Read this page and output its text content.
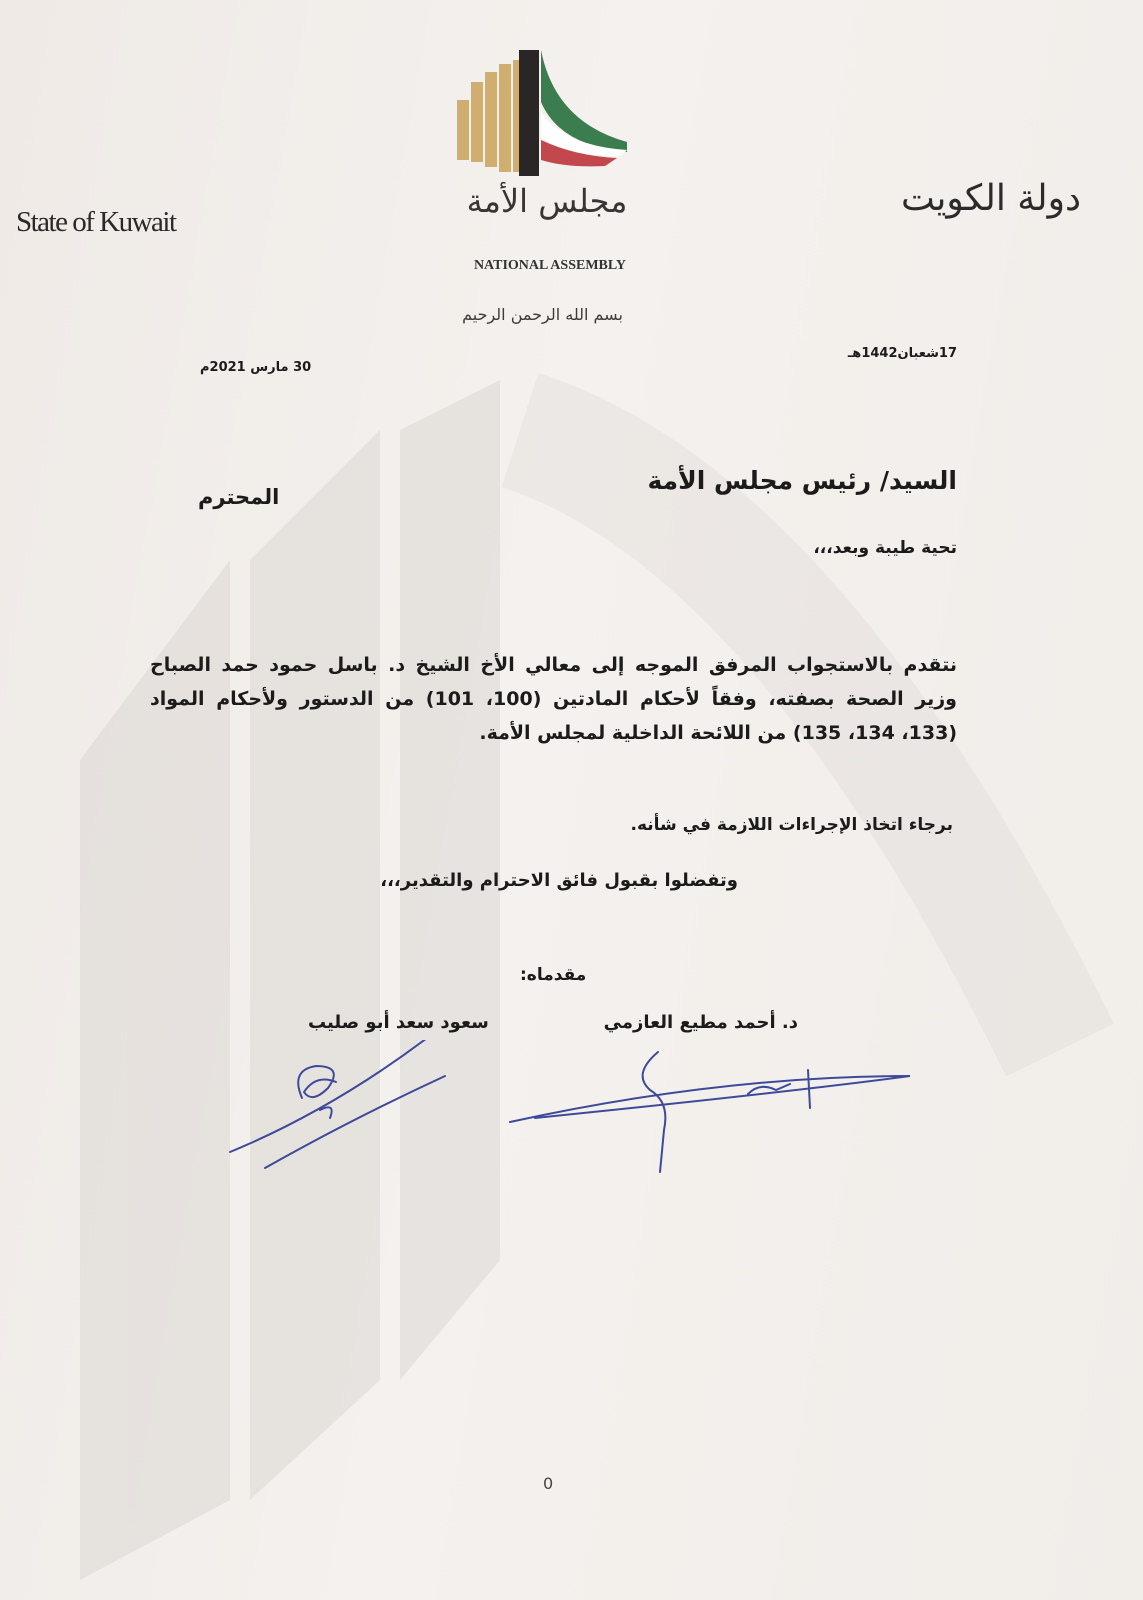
State of Kuwait
دولة الكويت
مجلس الأمة
NATIONAL ASSEMBLY
بسم الله الرحمن الرحيم
17شعبان1442هـ
30 مارس 2021م
السيد/ رئيس مجلس الأمة
المحترم
تحية طيبة وبعد،،،

نتقدم بالاستجواب المرفق الموجه إلى معالي الأخ الشيخ د. باسل حمود حمد الصباح وزير الصحة بصفته، وفقاً لأحكام المادتين (100، 101) من الدستور ولأحكام المواد (133، 134، 135) من اللائحة الداخلية لمجلس الأمة.

برجاء اتخاذ الإجراءات اللازمة في شأنه.
وتفضلوا بقبول فائق الاحترام والتقدير،،،
مقدماه:
د. أحمد مطيع العازمي
سعود سعد أبو صليب
0
